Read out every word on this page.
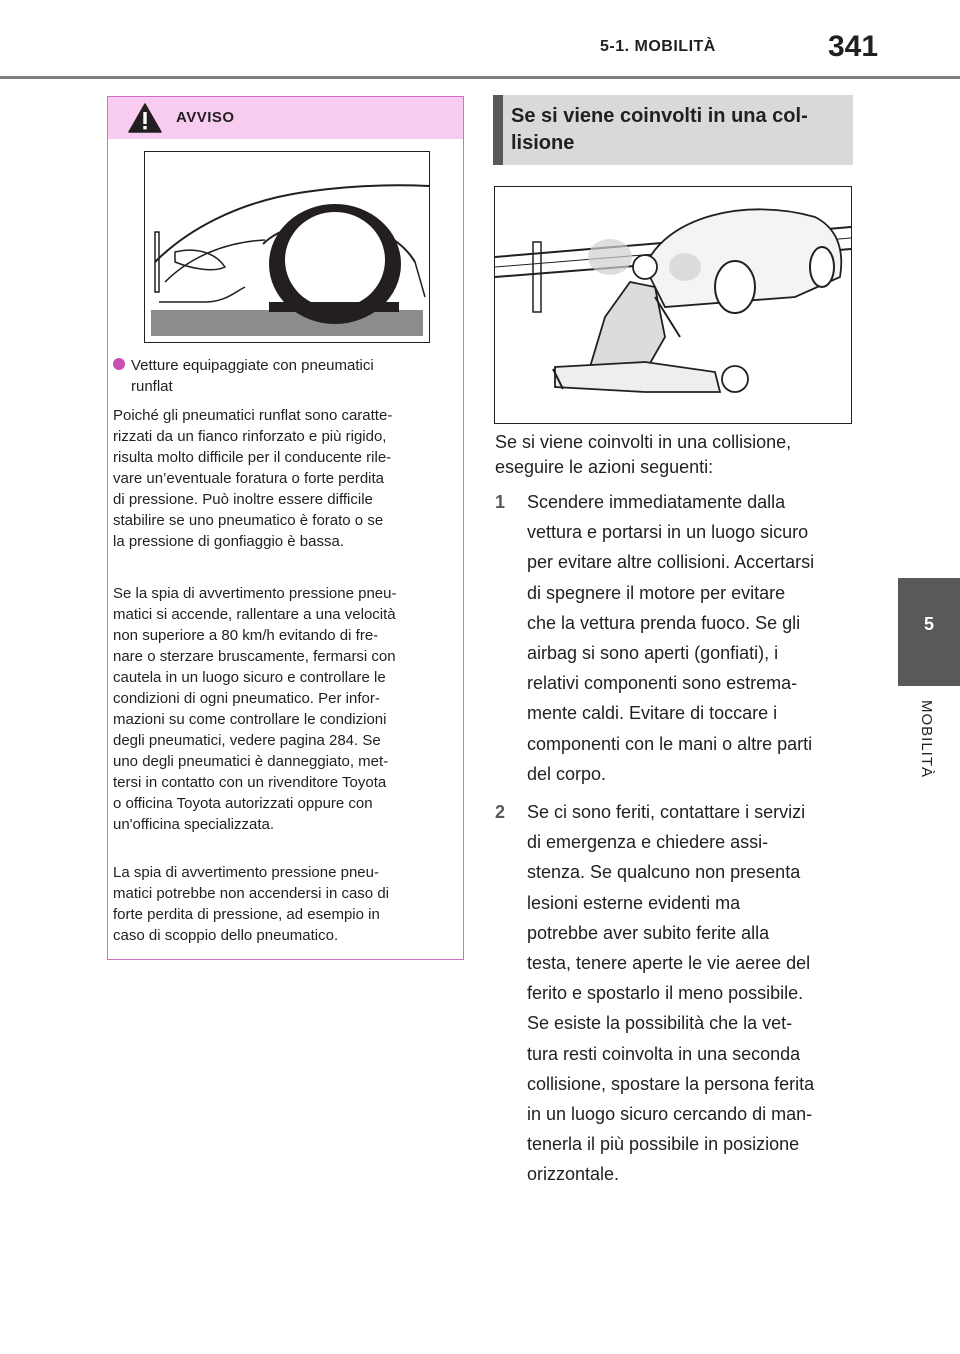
5-1. MOBILITÀ	341
5
MOBILITÀ
AVVISO
Vetture equipaggiate con pneumatici
runflat

Poiché gli pneumatici runflat sono caratte-
rizzati da un fianco rinforzato e più rigido,
risulta molto difficile per il conducente rile-
vare un’eventuale foratura o forte perdita
di pressione. Può inoltre essere difficile
stabilire se uno pneumatico è forato o se
la pressione di gonfiaggio è bassa.

Se la spia di avvertimento pressione pneu-
matici si accende, rallentare a una velocità
non superiore a 80 km/h evitando di fre-
nare o sterzare bruscamente, fermarsi con
cautela in un luogo sicuro e controllare le
condizioni di ogni pneumatico. Per infor-
mazioni su come controllare le condizioni
degli pneumatici, vedere pagina 284. Se
uno degli pneumatici è danneggiato, met-
tersi in contatto con un rivenditore Toyota
o officina Toyota autorizzati oppure con
un'officina specializzata.

La spia di avvertimento pressione pneu-
matici potrebbe non accendersi in caso di
forte perdita di pressione, ad esempio in
caso di scoppio dello pneumatico.

Se si viene coinvolti in una col-
lisione
Se si viene coinvolti in una collisione,
eseguire le azioni seguenti:
1 Scendere immediatamente dalla
vettura e portarsi in un luogo sicuro
per evitare altre collisioni. Accertarsi
di spegnere il motore per evitare
che la vettura prenda fuoco. Se gli
airbag si sono aperti (gonfiati), i
relativi componenti sono estrema-
mente caldi. Evitare di toccare i
componenti con le mani o altre parti
del corpo.
2 Se ci sono feriti, contattare i servizi
di emergenza e chiedere assi-
stenza. Se qualcuno non presenta
lesioni esterne evidenti ma
potrebbe aver subito ferite alla
testa, tenere aperte le vie aeree del
ferito e spostarlo il meno possibile.
Se esiste la possibilità che la vet-
tura resti coinvolta in una seconda
collisione, spostare la persona ferita
in un luogo sicuro cercando di man-
tenerla il più possibile in posizione
orizzontale.
